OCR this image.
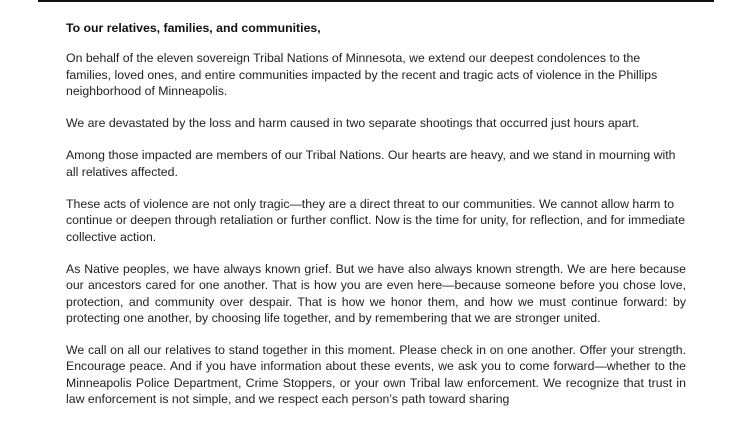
To our relatives, families, and communities,

On behalf of the eleven sovereign Tribal Nations of Minnesota, we extend our deepest condolences to the families, loved ones, and entire communities impacted by the recent and tragic acts of violence in the Phillips neighborhood of Minneapolis.

We are devastated by the loss and harm caused in two separate shootings that occurred just hours apart.

Among those impacted are members of our Tribal Nations. Our hearts are heavy, and we stand in mourning with all relatives affected.

These acts of violence are not only tragic—they are a direct threat to our communities. We cannot allow harm to continue or deepen through retaliation or further conflict. Now is the time for unity, for reflection, and for immediate collective action.

As Native peoples, we have always known grief. But we have also always known strength. We are here because our ancestors cared for one another. That is how you are even here—because someone before you chose love, protection, and community over despair. That is how we honor them, and how we must continue forward: by protecting one another, by choosing life together, and by remembering that we are stronger united.

We call on all our relatives to stand together in this moment. Please check in on one another. Offer your strength. Encourage peace. And if you have information about these events, we ask you to come forward—whether to the Minneapolis Police Department, Crime Stoppers, or your own Tribal law enforcement. We recognize that trust in law enforcement is not simple, and we respect each person’s path toward sharing
